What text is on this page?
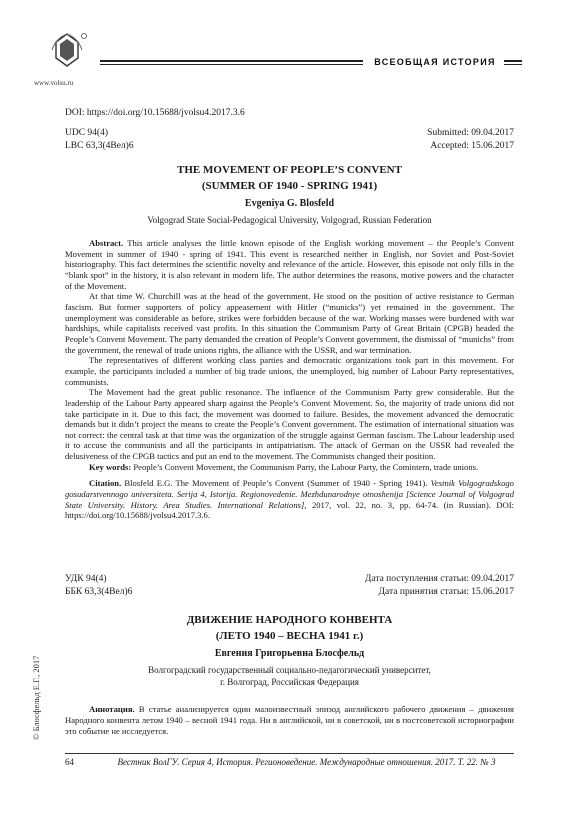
www.volsu.ru
ВСЕОБЩАЯ ИСТОРИЯ
DOI: https://doi.org/10.15688/jvolsu4.2017.3.6
UDC 94(4)	Submitted: 09.04.2017
LBC 63,3(4Вел)6	Accepted: 15.06.2017
THE MOVEMENT OF PEOPLE’S CONVENT
(SUMMER OF 1940 - SPRING 1941)
Evgeniya G. Blosfeld
Volgograd State Social-Pedagogical University, Volgograd, Russian Federation

Abstract. This article analyses the little known episode of the English working movement – the People’s Convent Movement in summer of 1940 - spring of 1941. This event is researched neither in English, nor Soviet and Post-Soviet historiography. This fact determines the scientific novelty and relevance of the article. However, this episode not only fills in the “blank spot” in the history, it is also relevant in modern life. The author determines the reasons, motive powers and the character of the Movement.

At that time W. Churchill was at the head of the government. He stood on the position of active resistance to German fascism. But former supporters of policy appeasement with Hitler (“municks”) yet remained in the government. The unemployment was considerable as before, strikes were forbidden because of the war. Working masses were burdened with war hardships, while capitalists received vast profits. In this situation the Communism Party of Great Britain (CPGB) headed the People’s Convent Movement. The party demanded the creation of People’s Convent government, the dismissal of “munichs” from the government, the renewal of trade unions rights, the alliance with the USSR, and war termination.

The representatives of different working class parties and democratic organizations took part in this movement. For example, the participants included a number of big trade unions, the unemployed, big number of Labour Party representatives, communists.

The Movement had the great public resonance. The influence of the Communism Party grew considerable. But the leadership of the Labour Party appeared sharp against the People’s Convent Movement. So, the majority of trade unions did not take participate in it. Due to this fact, the movement was doomed to failure. Besides, the movement advanced the democratic demands but it didn’t project the means to create the People’s Convent government. The estimation of international situation was not correct: the central task at that time was the organization of the struggle against German fascism. The Labour leadership used it to accuse the communists and all the participants in antipatriatism. The attack of German on the USSR had revealed the delusiveness of the CPGB tactics and put an end to the movement. The Communists changed their position.

Key words: People’s Convent Movement, the Communism Party, the Labour Party, the Comintern, trade unions.

Citation. Blosfeld E.G. The Movement of People’s Convent (Summer of 1940 - Spring 1941). Vestnik Volgogradskogo gosudarstvennogo universiteta. Serija 4, Istorija. Regionovedenie. Mezhdunarodnye otnoshenija [Science Journal of Volgograd State University. History. Area Studies. International Relations], 2017, vol. 22, no. 3, pp. 64-74. (in Russian). DOI: https://doi.org/10.15688/jvolsu4.2017.3.6.

УДК 94(4)	Дата поступления статьи: 09.04.2017
ББК 63,3(4Вел)6	Дата принятия статьи: 15.06.2017
ДВИЖЕНИЕ НАРОДНОГО КОНВЕНТА
(ЛЕТО 1940 – ВЕСНА 1941 г.)
Евгения Григорьевна Блосфельд
Волгоградский государственный социально-педагогический университет,
г. Волгоград, Российская Федерация

Аннотация. В статье анализируется один малоизвестный эпизод английского рабочего движения – движения Народного конвента летом 1940 – весной 1941 года. Ни в английской, ни в советской, ни в постсоветской историографии это событие не исследуется.

© Блосфельд Е.Г., 2017
64	Вестник ВолГУ. Серия 4, История. Регионоведение. Международные отношения. 2017. Т. 22. № 3
